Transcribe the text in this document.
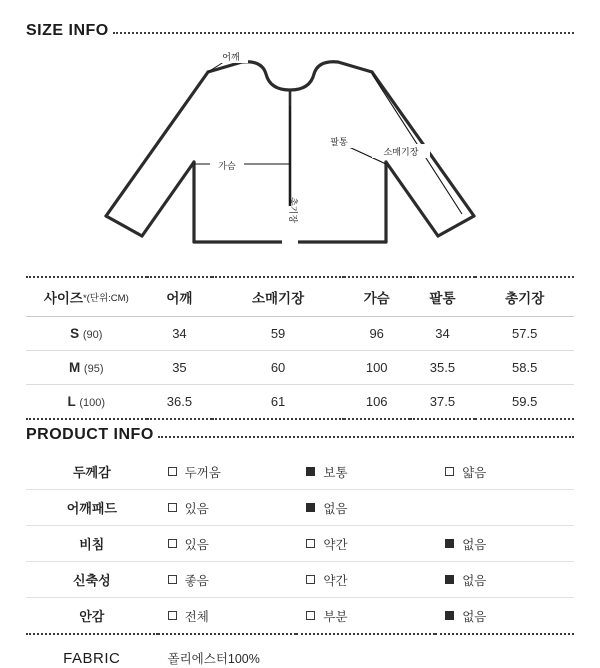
SIZE INFO
어깨
가슴
팔통
소매기장
총기장
사이즈*(단위:CM)	어깨	소매기장	가슴	팔통	총기장
S (90)	34	59	96	34	57.5
M (95)	35	60	100	35.5	58.5
L (100)	36.5	61	106	37.5	59.5
PRODUCT INFO
두께감	두꺼움	보통	얇음

어깨패드	있음	없음	

비침	있음	약간	없음

신축성	좋음	약간	없음

안감	전체	부분	없음
FABRIC	폴리에스터100%
